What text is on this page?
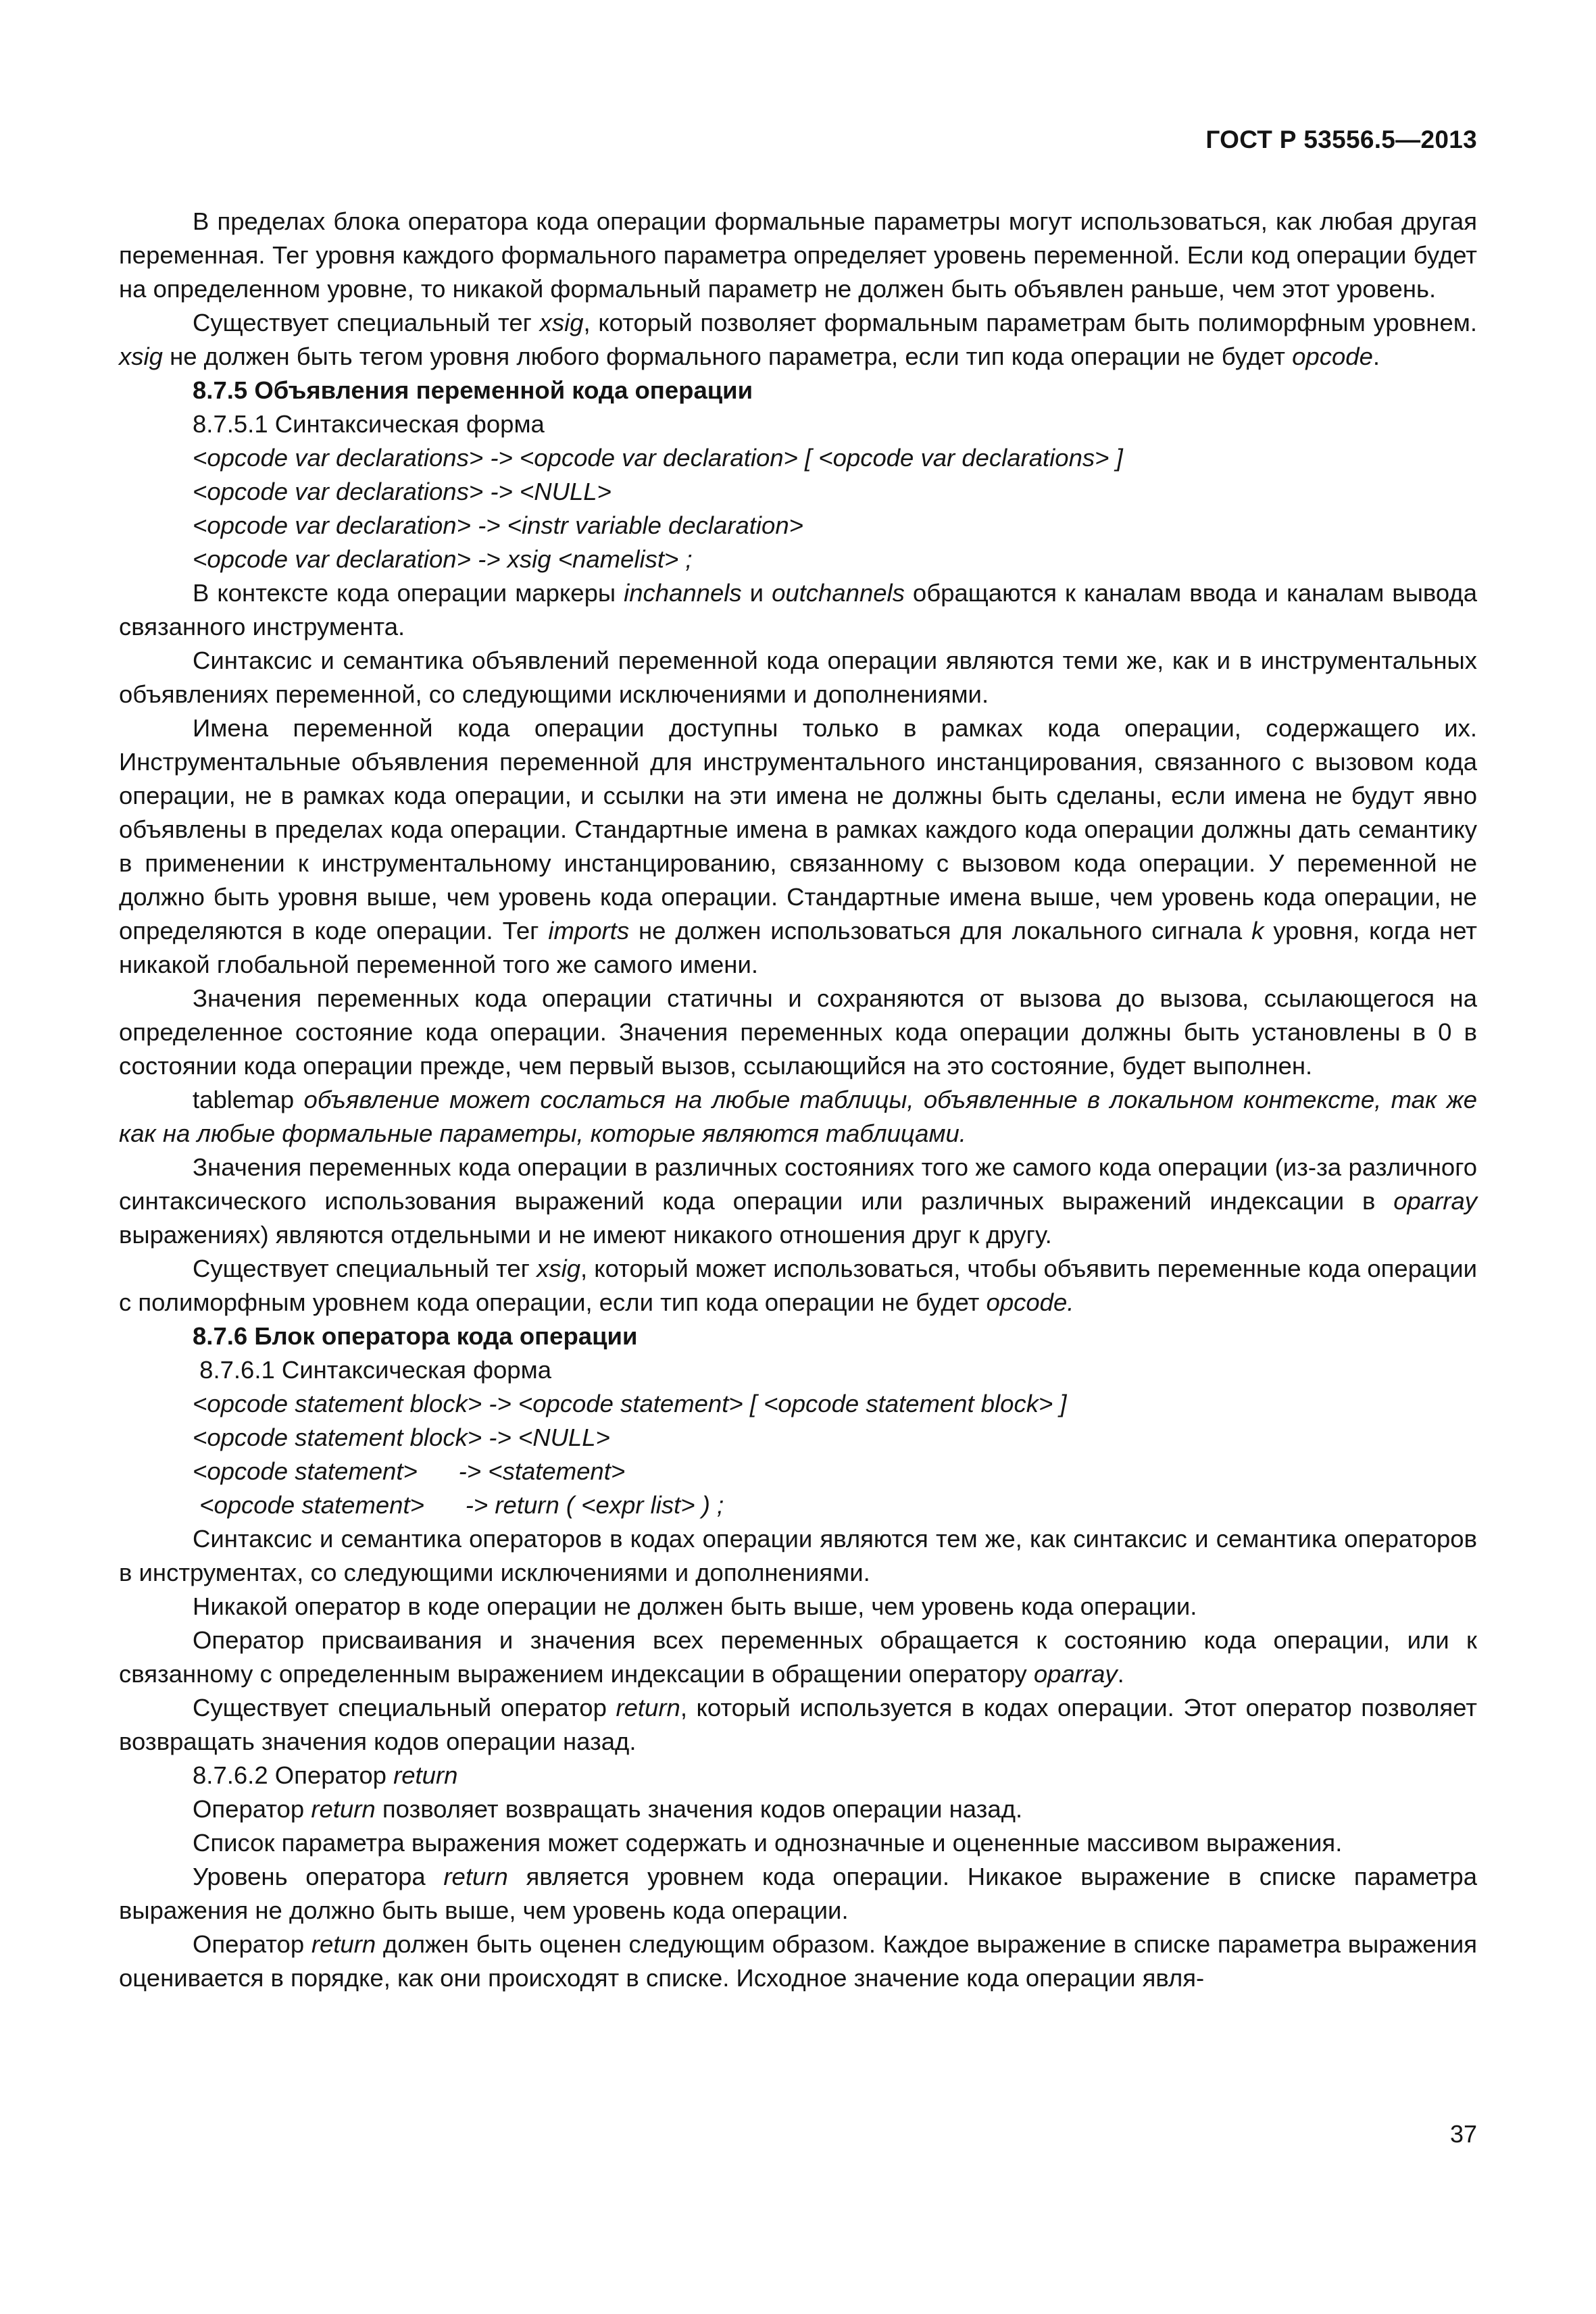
ГОСТ Р 53556.5—2013

В пределах блока оператора кода операции формальные параметры могут использоваться, как любая другая переменная. Тег уровня каждого формального параметра определяет уровень переменной. Если код операции будет на определенном уровне, то никакой формальный параметр не должен быть объявлен раньше, чем этот уровень.

Существует специальный тег xsig, который позволяет формальным параметрам быть полиморфным уровнем. xsig не должен быть тегом уровня любого формального параметра, если тип кода операции не будет opcode.

8.7.5 Объявления переменной кода операции

8.7.5.1 Синтаксическая форма

<opcode var declarations> -> <opcode var declaration> [ <opcode var declarations> ]

<opcode var declarations> -> <NULL>

<opcode var declaration> -> <instr variable declaration>

<opcode var declaration> -> xsig <namelist> ;

В контексте кода операции маркеры inchannels и outchannels обращаются к каналам ввода и каналам вывода связанного инструмента.

Синтаксис и семантика объявлений переменной кода операции являются теми же, как и в инструментальных объявлениях переменной, со следующими исключениями и дополнениями.

Имена переменной кода операции доступны только в рамках кода операции, содержащего их. Инструментальные объявления переменной для инструментального инстанцирования, связанного с вызовом кода операции, не в рамках кода операции, и ссылки на эти имена не должны быть сделаны, если имена не будут явно объявлены в пределах кода операции. Стандартные имена в рамках каждого кода операции должны дать семантику в применении к инструментальному инстанцированию, связанному с вызовом кода операции. У переменной не должно быть уровня выше, чем уровень кода операции. Стандартные имена выше, чем уровень кода операции, не определяются в коде операции. Тег imports не должен использоваться для локального сигнала k уровня, когда нет никакой глобальной переменной того же самого имени.

Значения переменных кода операции статичны и сохраняются от вызова до вызова, ссылающегося на определенное состояние кода операции. Значения переменных кода операции должны быть установлены в 0 в состоянии кода операции прежде, чем первый вызов, ссылающийся на это состояние, будет выполнен.

tablemap объявление может сослаться на любые таблицы, объявленные в локальном контексте, так же как на любые формальные параметры, которые являются таблицами.

Значения переменных кода операции в различных состояниях того же самого кода операции (из-за различного синтаксического использования выражений кода операции или различных выражений индексации в oparray выражениях) являются отдельными и не имеют никакого отношения друг к другу.

Существует специальный тег xsig, который может использоваться, чтобы объявить переменные кода операции с полиморфным уровнем кода операции, если тип кода операции не будет opcode.

8.7.6 Блок оператора кода операции

8.7.6.1 Синтаксическая форма

<opcode statement block> -> <opcode statement> [ <opcode statement block> ]

<opcode statement block> -> <NULL>

<opcode statement>      -> <statement>

<opcode statement>      -> return ( <expr list> ) ;

Синтаксис и семантика операторов в кодах операции являются тем же, как синтаксис и семантика операторов в инструментах, со следующими исключениями и дополнениями.

Никакой оператор в коде операции не должен быть выше, чем уровень кода операции.

Оператор присваивания и значения всех переменных обращается к состоянию кода операции, или к связанному с определенным выражением индексации в обращении оператору oparray.

Существует специальный оператор return, который используется в кодах операции. Этот оператор позволяет возвращать значения кодов операции назад.

8.7.6.2 Оператор return

Оператор return позволяет возвращать значения кодов операции назад.

Список параметра выражения может содержать и однозначные и оцененные массивом выражения.

Уровень оператора return является уровнем кода операции. Никакое выражение в списке параметра выражения не должно быть выше, чем уровень кода операции.

Оператор return должен быть оценен следующим образом. Каждое выражение в списке параметра выражения оценивается в порядке, как они происходят в списке. Исходное значение кода операции явля-

37
